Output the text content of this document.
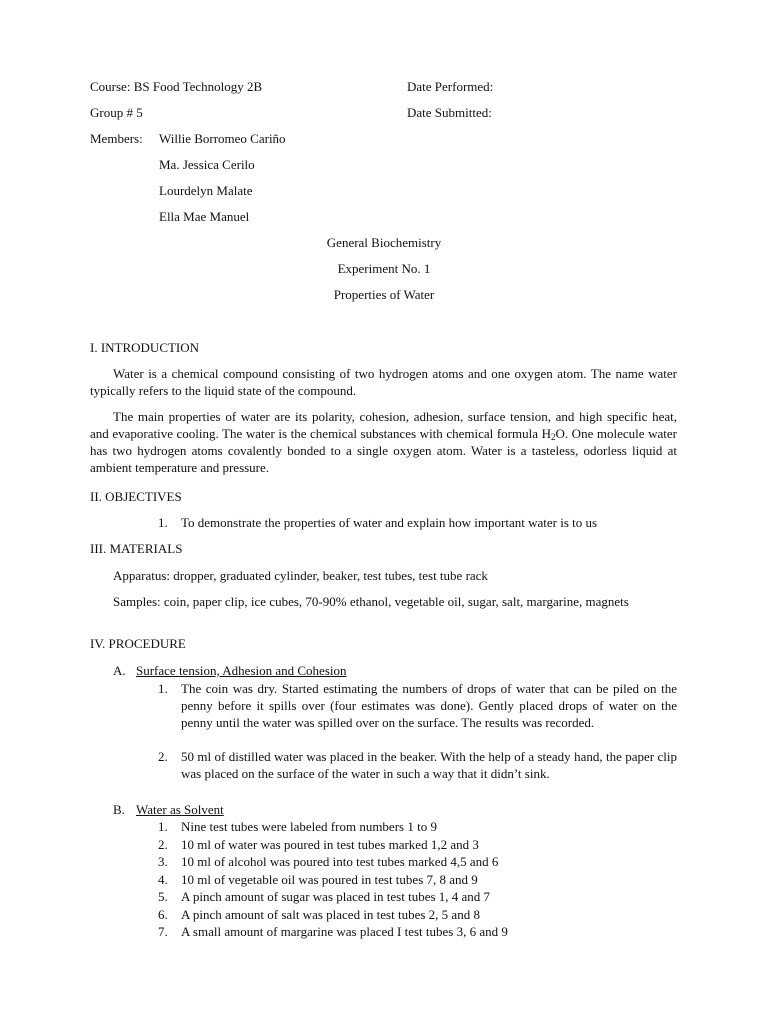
Course: BS Food Technology 2B	Date Performed:
Group # 5	Date Submitted:
Members: Willie Borromeo Cariño
Ma. Jessica Cerilo
Lourdelyn Malate
Ella Mae Manuel
General Biochemistry
Experiment No. 1
Properties of Water
I. INTRODUCTION

Water is a chemical compound consisting of two hydrogen atoms and one oxygen atom. The name water typically refers to the liquid state of the compound.

The main properties of water are its polarity, cohesion, adhesion, surface tension, and high specific heat, and evaporative cooling. The water is the chemical substances with chemical formula $H_2O$. One molecule water has two hydrogen atoms covalently bonded to a single oxygen atom. Water is a tasteless, odorless liquid at ambient temperature and pressure.

II. OBJECTIVES
1.	To demonstrate the properties of water and explain how important water is to us
III. MATERIALS

Apparatus: dropper, graduated cylinder, beaker, test tubes, test tube rack

Samples: coin, paper clip, ice cubes, 70-90% ethanol, vegetable oil, sugar, salt, margarine, magnets

IV. PROCEDURE
A. Surface tension, Adhesion and Cohesion
1.	The coin was dry. Started estimating the numbers of drops of water that can be piled on the penny before it spills over (four estimates was done). Gently placed drops of water on the penny until the water was spilled over on the surface. The results was recorded.

2.	50 ml of distilled water was placed in the beaker. With the help of a steady hand, the paper clip was placed on the surface of the water in such a way that it didn’t sink.

B. Water as Solvent
1.	Nine test tubes were labeled from numbers 1 to 9
2.	10 ml of water was poured in test tubes marked 1,2 and 3
3.	10 ml of alcohol was poured into test tubes marked 4,5 and 6
4.	10 ml of vegetable oil was poured in test tubes 7, 8 and 9
5.	A pinch amount of sugar was placed in test tubes 1, 4 and 7
6.	A pinch amount of salt was placed in test tubes 2, 5 and 8
7.	A small amount of margarine was placed I test tubes 3, 6 and 9
